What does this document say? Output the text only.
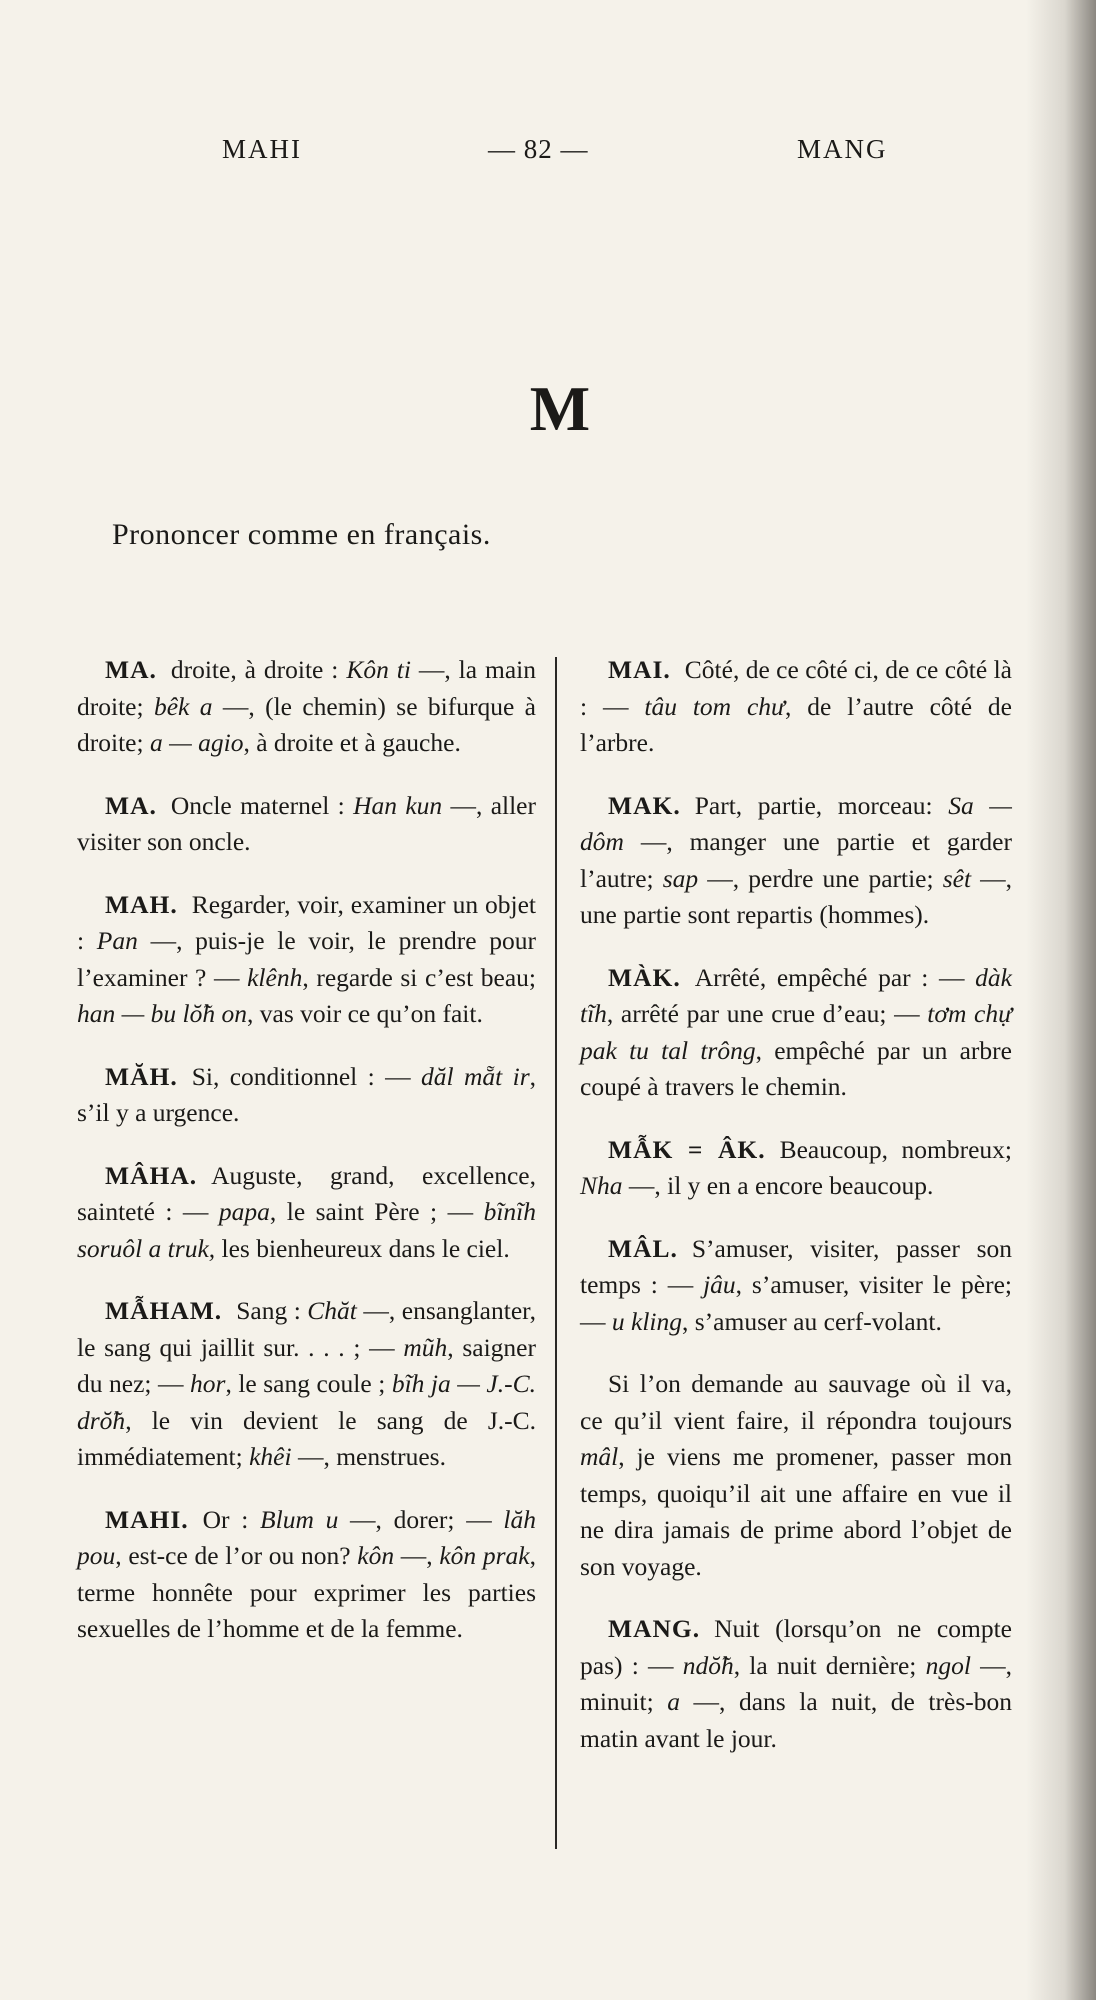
MAHI	— 82 —	MANG
M
Prononcer comme en français.

MA. droite, à droite : Kôn ti —, la main droite; bêk a —, (le chemin) se bifurque à droite; a — agio, à droite et à gauche.

MA. Oncle maternel : Han kun —, aller visiter son oncle.

MAH. Regarder, voir, examiner un objet : Pan —, puis-je le voir, le prendre pour l’examiner ? — klênh, regarde si c’est beau; han — bu lŏ̃h on, vas voir ce qu’on fait.

MĂH. Si, conditionnel : — dăl mẵt ir, s’il y a urgence.

MÂHA. Auguste, grand, excellence, sainteté : — papa, le saint Père ; — bĩnĩh soruôl a truk, les bienheureux dans le ciel.

MẪHAM. Sang : Chăt —, ensanglanter, le sang qui jaillit sur. . . . ; — mũh, saigner du nez; — hor, le sang coule ; bĩh ja — J.-C. drŏ̃h, le vin devient le sang de J.-C. immédiatement; khêi —, menstrues.

MAHI. Or : Blum u —, dorer; — lăh pou, est-ce de l’or ou non? kôn —, kôn prak, terme honnête pour exprimer les parties sexuelles de l’homme et de la femme.

MAI. Côté, de ce côté ci, de ce côté là : — tâu tom chư, de l’autre côté de l’arbre.

MAK. Part, partie, morceau: Sa — dôm —, manger une partie et garder l’autre; sap —, perdre une partie; sêt —, une partie sont repartis (hommes).

MÀK. Arrêté, empêché par : — dàk tĩh, arrêté par une crue d’eau; — tơm chự pak tu tal trông, empêché par un arbre coupé à travers le chemin.

MẪK = ÂK. Beaucoup, nombreux; Nha —, il y en a encore beaucoup.

MÂL. S’amuser, visiter, passer son temps : — jâu, s’amuser, visiter le père; — u kling, s’amuser au cerf-volant.

Si l’on demande au sauvage où il va, ce qu’il vient faire, il répondra toujours mâl, je viens me promener, passer mon temps, quoiqu’il ait une affaire en vue il ne dira jamais de prime abord l’objet de son voyage.

MANG. Nuit (lorsqu’on ne compte pas) : — ndŏ̃h, la nuit dernière; ngol —, minuit; a —, dans la nuit, de très-bon matin avant le jour.
